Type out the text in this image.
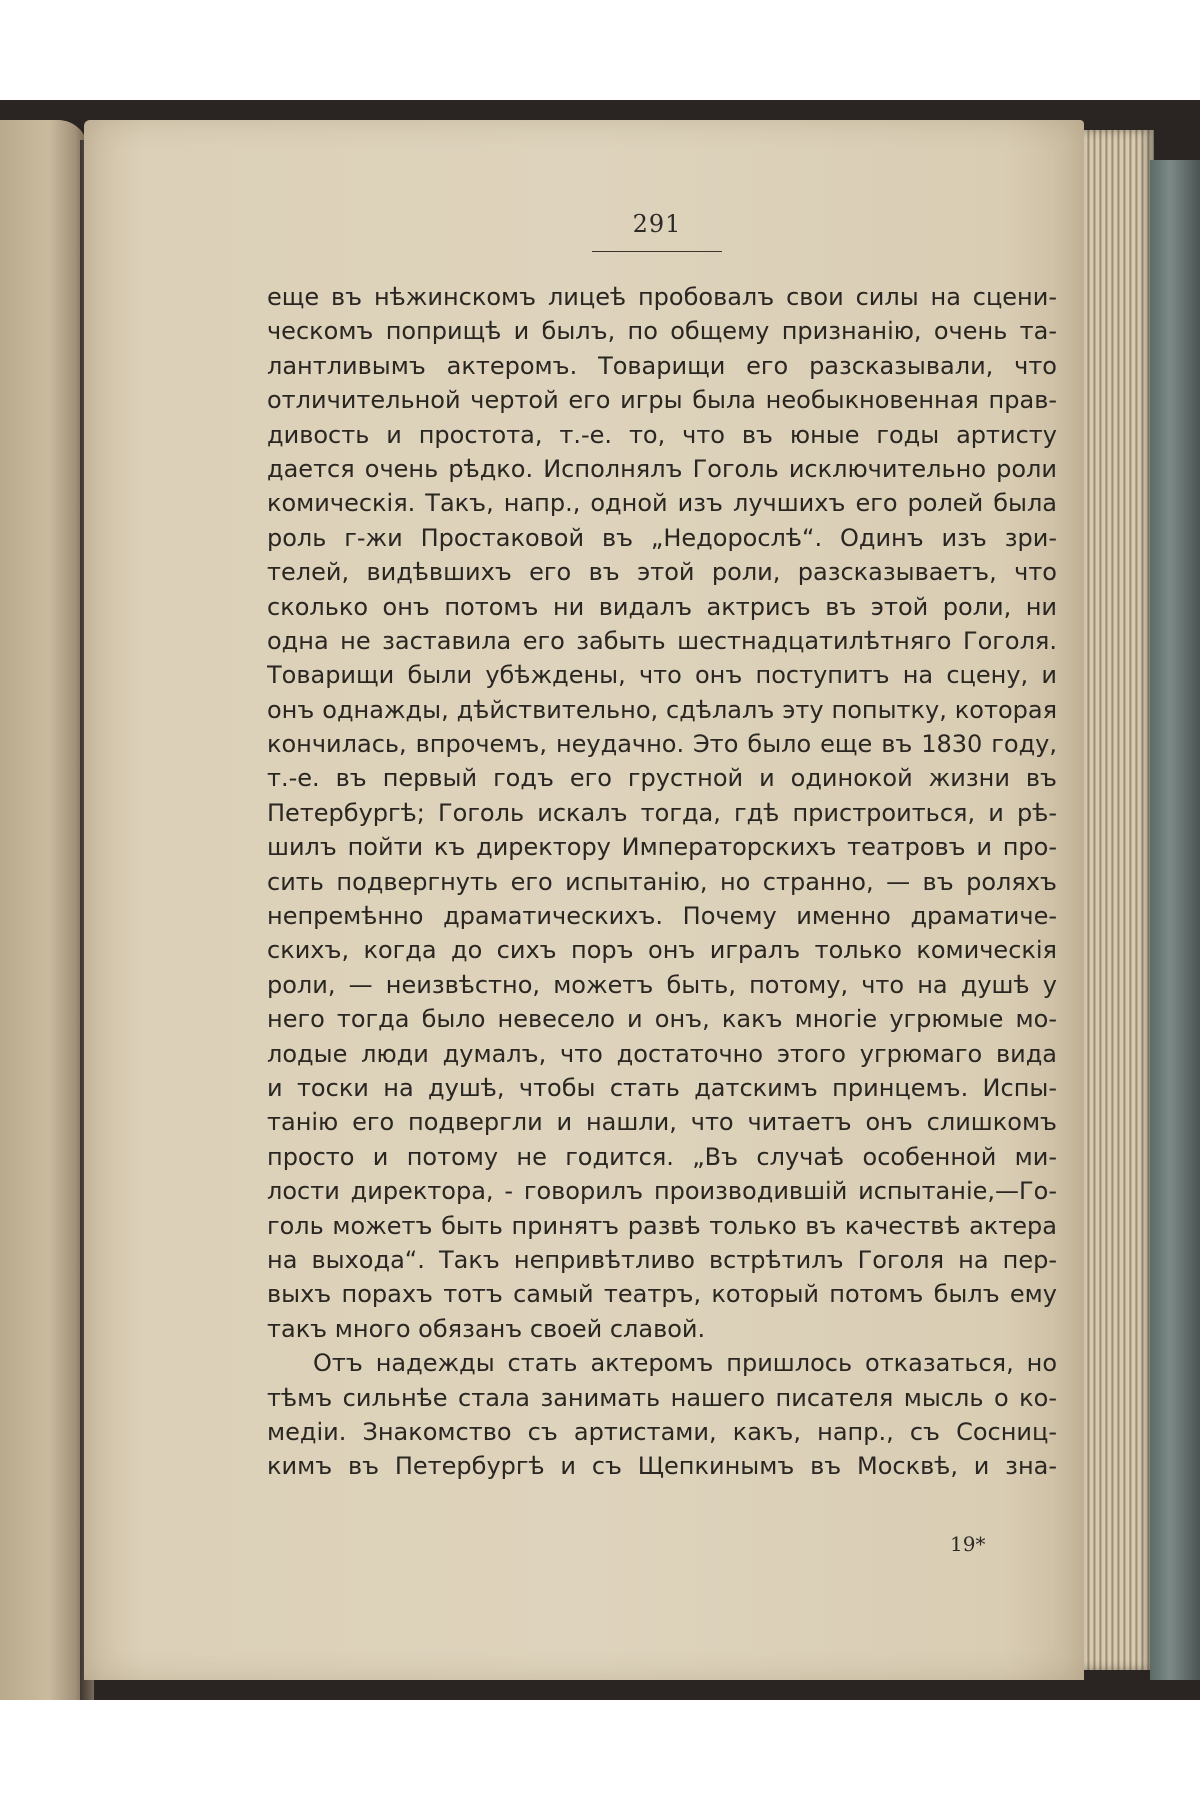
291
еще въ нѣжинскомъ лицеѣ пробовалъ свои силы на сцени-
ческомъ поприщѣ и былъ, по общему признанію, очень та-
лантливымъ актеромъ. Товарищи его разсказывали, что
отличительной чертой его игры была необыкновенная прав-
дивость и простота, т.-е. то, что въ юные годы артисту
дается очень рѣдко. Исполнялъ Гоголь исключительно роли
комическія. Такъ, напр., одной изъ лучшихъ его ролей была
роль г-жи Простаковой въ „Недорослѣ“. Одинъ изъ зри-
телей, видѣвшихъ его въ этой роли, разсказываетъ, что
сколько онъ потомъ ни видалъ актрисъ въ этой роли, ни
одна не заставила его забыть шестнадцатилѣтняго Гоголя.
Товарищи были убѣждены, что онъ поступитъ на сцену, и
онъ однажды, дѣйствительно, сдѣлалъ эту попытку, которая
кончилась, впрочемъ, неудачно. Это было еще въ 1830 году,
т.-е. въ первый годъ его грустной и одинокой жизни въ
Петербургѣ; Гоголь искалъ тогда, гдѣ пристроиться, и рѣ-
шилъ пойти къ директору Императорскихъ театровъ и про-
сить подвергнуть его испытанію, но странно, — въ роляхъ
непремѣнно драматическихъ. Почему именно драматиче-
скихъ, когда до сихъ поръ онъ игралъ только комическія
роли, — неизвѣстно, можетъ быть, потому, что на душѣ у
него тогда было невесело и онъ, какъ многіе угрюмые мо-
лодые люди думалъ, что достаточно этого угрюмаго вида
и тоски на душѣ, чтобы стать датскимъ принцемъ. Испы-
танію его подвергли и нашли, что читаетъ онъ слишкомъ
просто и потому не годится. „Въ случаѣ особенной ми-
лости директора, - говорилъ производившій испытаніе,—Го-
голь можетъ быть принятъ развѣ только въ качествѣ актера
на выхода“. Такъ непривѣтливо встрѣтилъ Гоголя на пер-
выхъ порахъ тотъ самый театръ, который потомъ былъ ему
такъ много обязанъ своей славой.
Отъ надежды стать актеромъ пришлось отказаться, но
тѣмъ сильнѣе стала занимать нашего писателя мысль о ко-
медіи. Знакомство съ артистами, какъ, напр., съ Сосниц-
кимъ въ Петербургѣ и съ Щепкинымъ въ Москвѣ, и зна-
19*
